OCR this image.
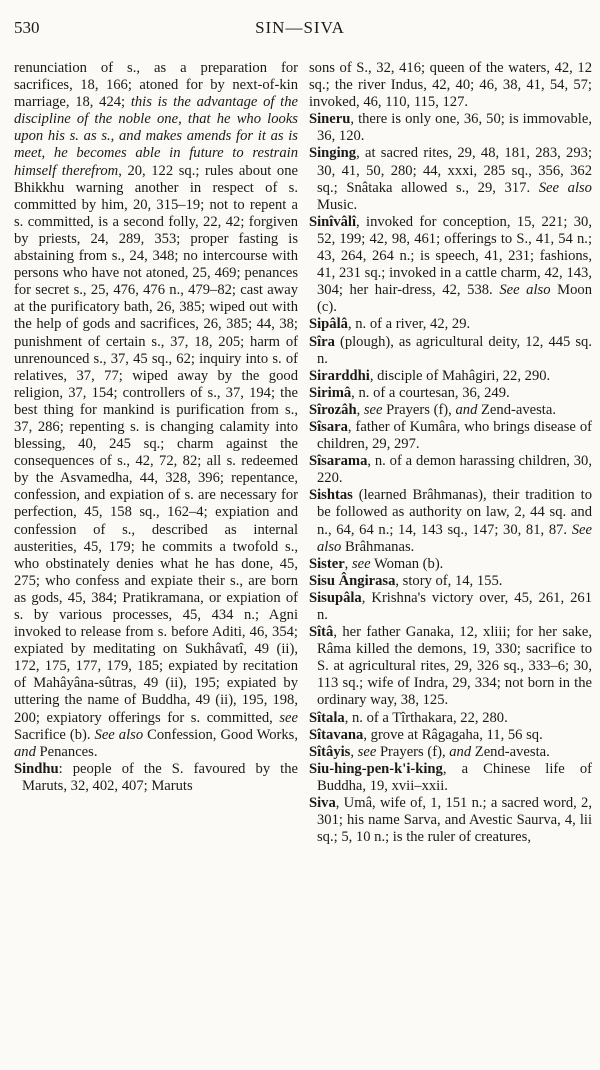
530	SIN—SIVA

renunciation of s., as a preparation for sacrifices, 18, 166; atoned for by next-of-kin marriage, 18, 424; this is the advantage of the discipline of the noble one, that he who looks upon his s. as s., and makes amends for it as is meet, he becomes able in future to restrain himself therefrom, 20, 122 sq.; rules about one Bhikkhu warning another in respect of s. committed by him, 20, 315–19; not to repent a s. committed, is a second folly, 22, 42; forgiven by priests, 24, 289, 353; proper fasting is abstaining from s., 24, 348; no intercourse with persons who have not atoned, 25, 469; penances for secret s., 25, 476, 476 n., 479–82; cast away at the purificatory bath, 26, 385; wiped out with the help of gods and sacrifices, 26, 385; 44, 38; punishment of certain s., 37, 18, 205; harm of unrenounced s., 37, 45 sq., 62; inquiry into s. of relatives, 37, 77; wiped away by the good religion, 37, 154; controllers of s., 37, 194; the best thing for mankind is purification from s., 37, 286; repenting s. is changing calamity into blessing, 40, 245 sq.; charm against the consequences of s., 42, 72, 82; all s. redeemed by the Asvamedha, 44, 328, 396; repentance, confession, and expiation of s. are necessary for perfection, 45, 158 sq., 162–4; expiation and confession of s., described as internal austerities, 45, 179; he commits a twofold s., who obstinately denies what he has done, 45, 275; who confess and expiate their s., are born as gods, 45, 384; Pratikramana, or expiation of s. by various processes, 45, 434 n.; Agni invoked to release from s. before Aditi, 46, 354; expiated by meditating on Sukhâvatî, 49 (ii), 172, 175, 177, 179, 185; expiated by recitation of Mahâyâna-sûtras, 49 (ii), 195; expiated by uttering the name of Buddha, 49 (ii), 195, 198, 200; expiatory offerings for s. committed, see Sacrifice (b). See also Confession, Good Works, and Penances.

Sindhu: people of the S. favoured by the Maruts, 32, 402, 407; Maruts

sons of S., 32, 416; queen of the waters, 42, 12 sq.; the river Indus, 42, 40; 46, 38, 41, 54, 57; invoked, 46, 110, 115, 127.

Sineru, there is only one, 36, 50; is immovable, 36, 120.

Singing, at sacred rites, 29, 48, 181, 283, 293; 30, 41, 50, 280; 44, xxxi, 285 sq., 356, 362 sq.; Snâtaka allowed s., 29, 317. See also Music.

Sinîvâlî, invoked for conception, 15, 221; 30, 52, 199; 42, 98, 461; offerings to S., 41, 54 n.; 43, 264, 264 n.; is speech, 41, 231; fashions, 41, 231 sq.; invoked in a cattle charm, 42, 143, 304; her hair-dress, 42, 538. See also Moon (c).

Sipâlâ, n. of a river, 42, 29.

Sîra (plough), as agricultural deity, 12, 445 sq. n.

Sirarddhi, disciple of Mahâgiri, 22, 290.

Sirimâ, n. of a courtesan, 36, 249.

Sîrozâh, see Prayers (f), and Zend-avesta.

Sîsara, father of Kumâra, who brings disease of children, 29, 297.

Sîsarama, n. of a demon harassing children, 30, 220.

Sishtas (learned Brâhmanas), their tradition to be followed as authority on law, 2, 44 sq. and n., 64, 64 n.; 14, 143 sq., 147; 30, 81, 87. See also Brâhmanas.

Sister, see Woman (b).

Sisu Ângirasa, story of, 14, 155.

Sisupâla, Krishna's victory over, 45, 261, 261 n.

Sîtâ, her father Ganaka, 12, xliii; for her sake, Râma killed the demons, 19, 330; sacrifice to S. at agricultural rites, 29, 326 sq., 333–6; 30, 113 sq.; wife of Indra, 29, 334; not born in the ordinary way, 38, 125.

Sîtala, n. of a Tîrthakara, 22, 280.

Sîtavana, grove at Râgagaha, 11, 56 sq.

Sîtâyis, see Prayers (f), and Zend-avesta.

Siu-hing-pen-k'i-king, a Chinese life of Buddha, 19, xvii–xxii.

Siva, Umâ, wife of, 1, 151 n.; a sacred word, 2, 301; his name Sarva, and Avestic Saurva, 4, lii sq.; 5, 10 n.; is the ruler of creatures,
